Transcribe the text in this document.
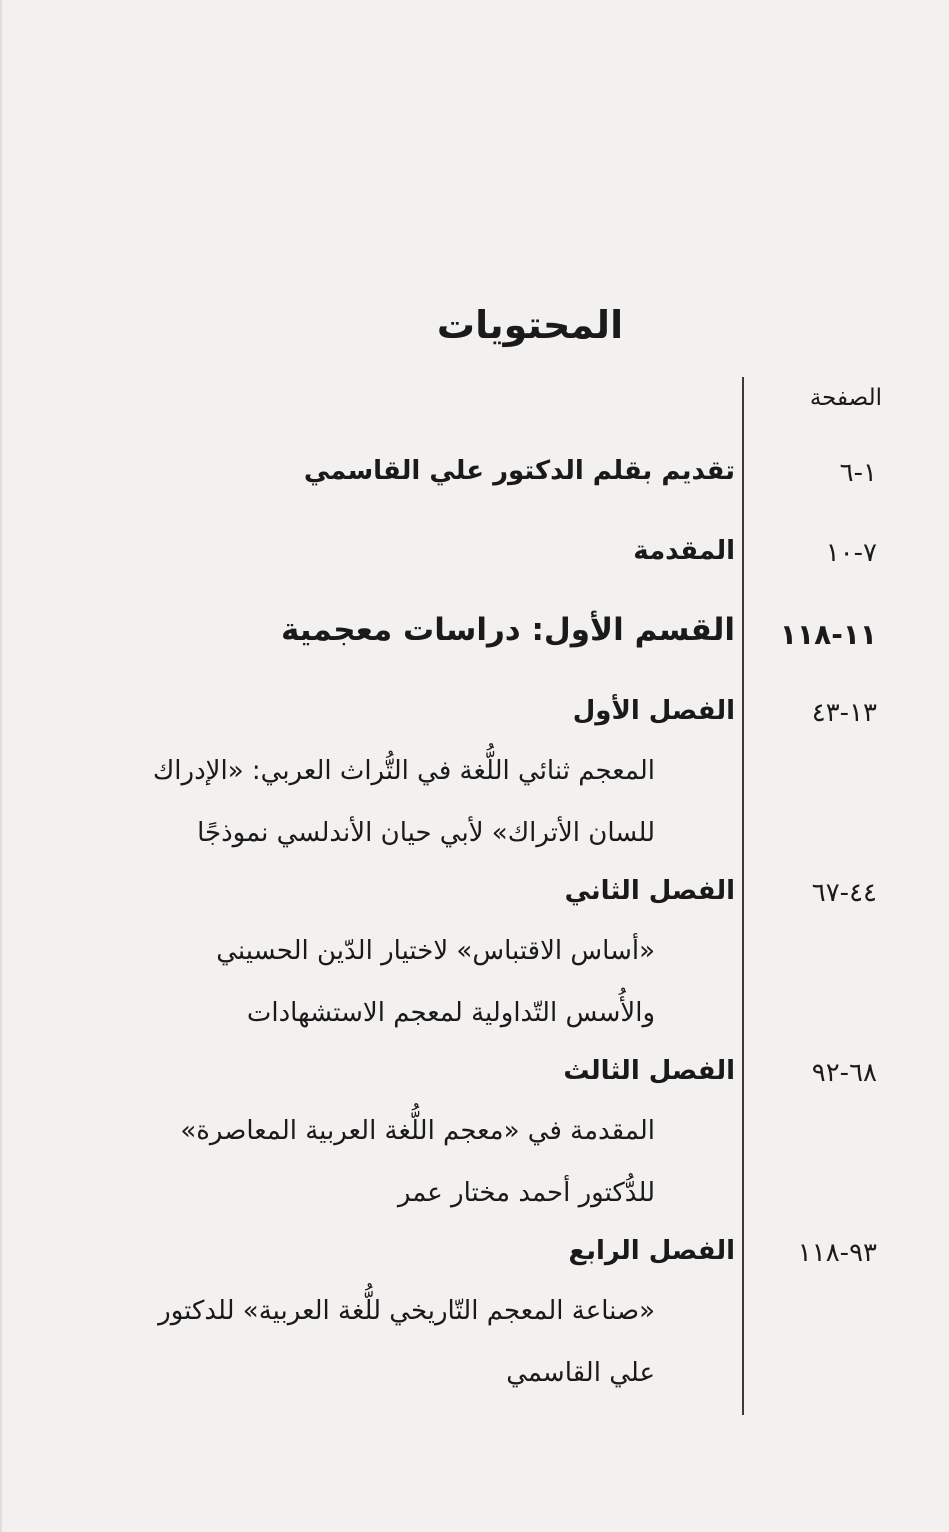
المحتويات
الصفحة
١-٦
تقديم بقلم الدكتور علي القاسمي
٧-١٠
المقدمة
١١-١١٨
القسم الأول: دراسات معجمية
١٣-٤٣
الفصل الأول
المعجم ثنائي اللُّغة في التُّراث العربي: «الإدراك
للسان الأتراك» لأبي حيان الأندلسي نموذجًا
٤٤-٦٧
الفصل الثاني
«أساس الاقتباس» لاختيار الدّين الحسيني
والأُسس التّداولية لمعجم الاستشهادات
٦٨-٩٢
الفصل الثالث
المقدمة في «معجم اللُّغة العربية المعاصرة»
للدُّكتور أحمد مختار عمر
٩٣-١١٨
الفصل الرابع
«صناعة المعجم التّاريخي للُّغة العربية» للدكتور
علي القاسمي
